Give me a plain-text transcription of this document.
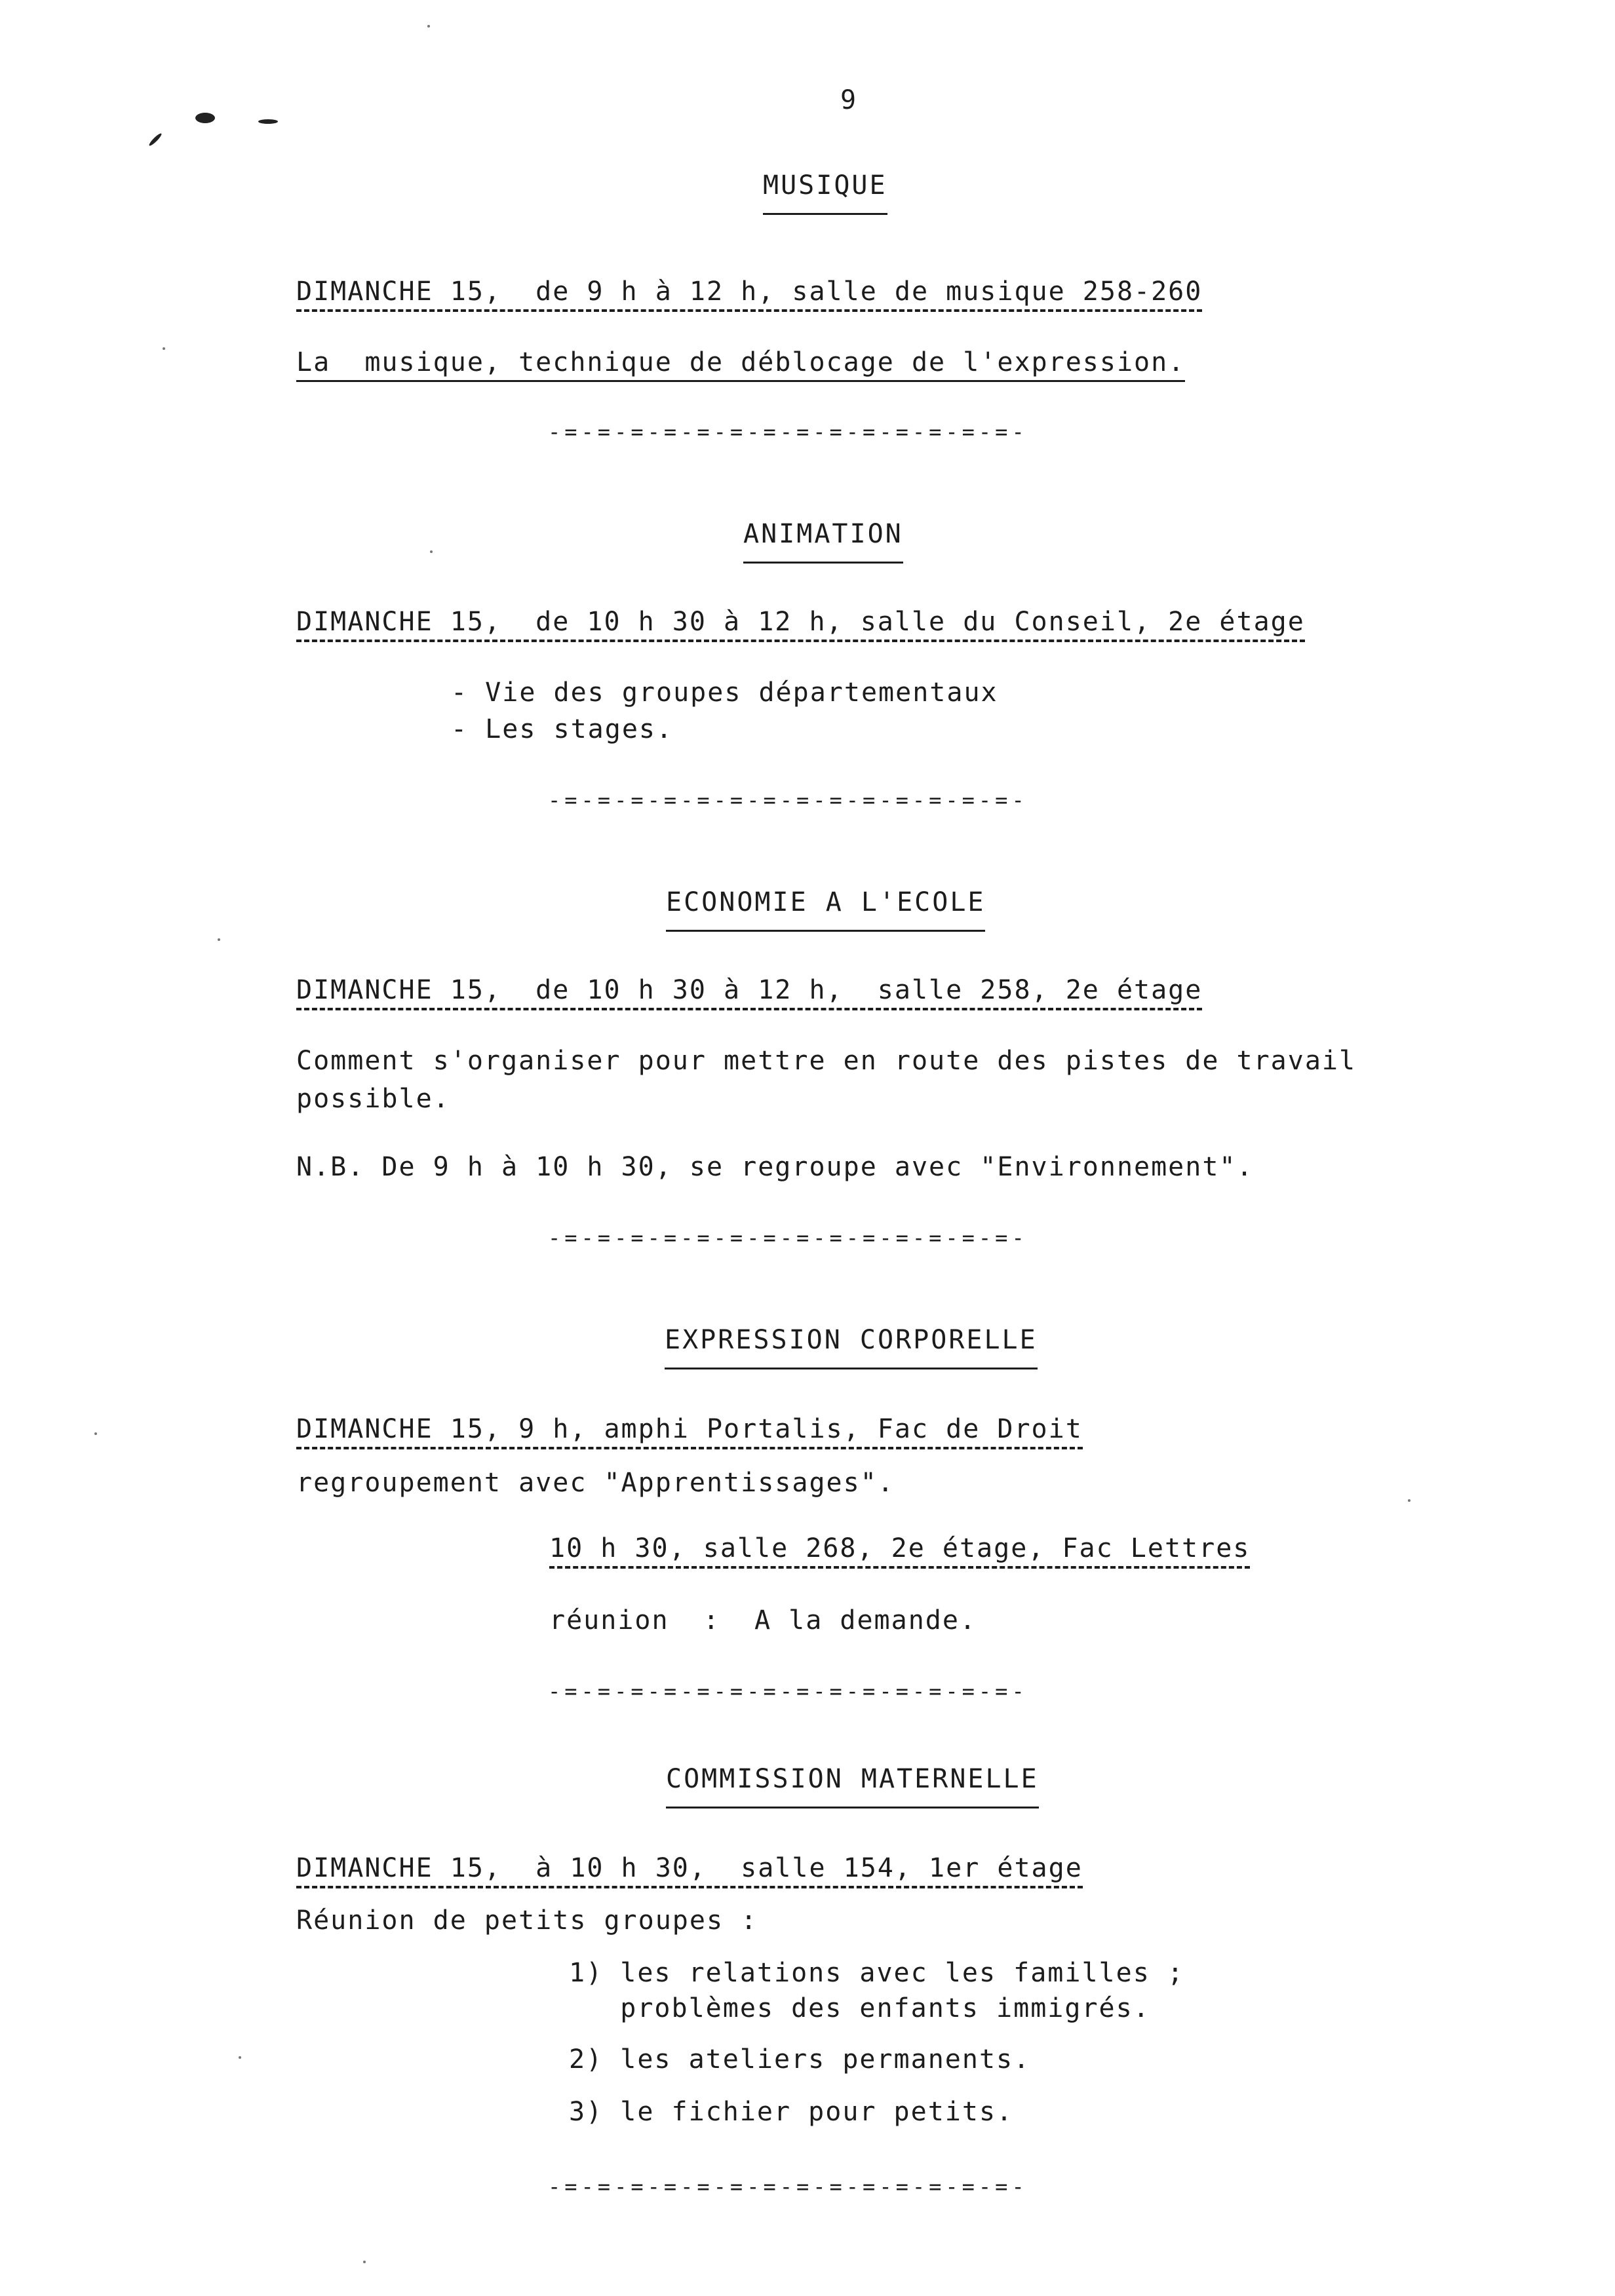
9
MUSIQUE
DIMANCHE 15,  de 9 h à 12 h, salle de musique 258-260
La  musique, technique de déblocage de l'expression.
-=-=-=-=-=-=-=-=-=-=-=-=-=-=-
ANIMATION
DIMANCHE 15,  de 10 h 30 à 12 h, salle du Conseil, 2e étage
- Vie des groupes départementaux
- Les stages.
-=-=-=-=-=-=-=-=-=-=-=-=-=-=-
ECONOMIE A L'ECOLE
DIMANCHE 15,  de 10 h 30 à 12 h,  salle 258, 2e étage
Comment s'organiser pour mettre en route des pistes de travail
possible.
N.B. De 9 h à 10 h 30, se regroupe avec "Environnement".
-=-=-=-=-=-=-=-=-=-=-=-=-=-=-
EXPRESSION CORPORELLE
DIMANCHE 15, 9 h, amphi Portalis, Fac de Droit
regroupement avec "Apprentissages".
10 h 30, salle 268, 2e étage, Fac Lettres
réunion  :  A la demande.
-=-=-=-=-=-=-=-=-=-=-=-=-=-=-
COMMISSION MATERNELLE
DIMANCHE 15,  à 10 h 30,  salle 154, 1er étage
Réunion de petits groupes :
1) les relations avec les familles ;
problèmes des enfants immigrés.
2) les ateliers permanents.
3) le fichier pour petits.
-=-=-=-=-=-=-=-=-=-=-=-=-=-=-
